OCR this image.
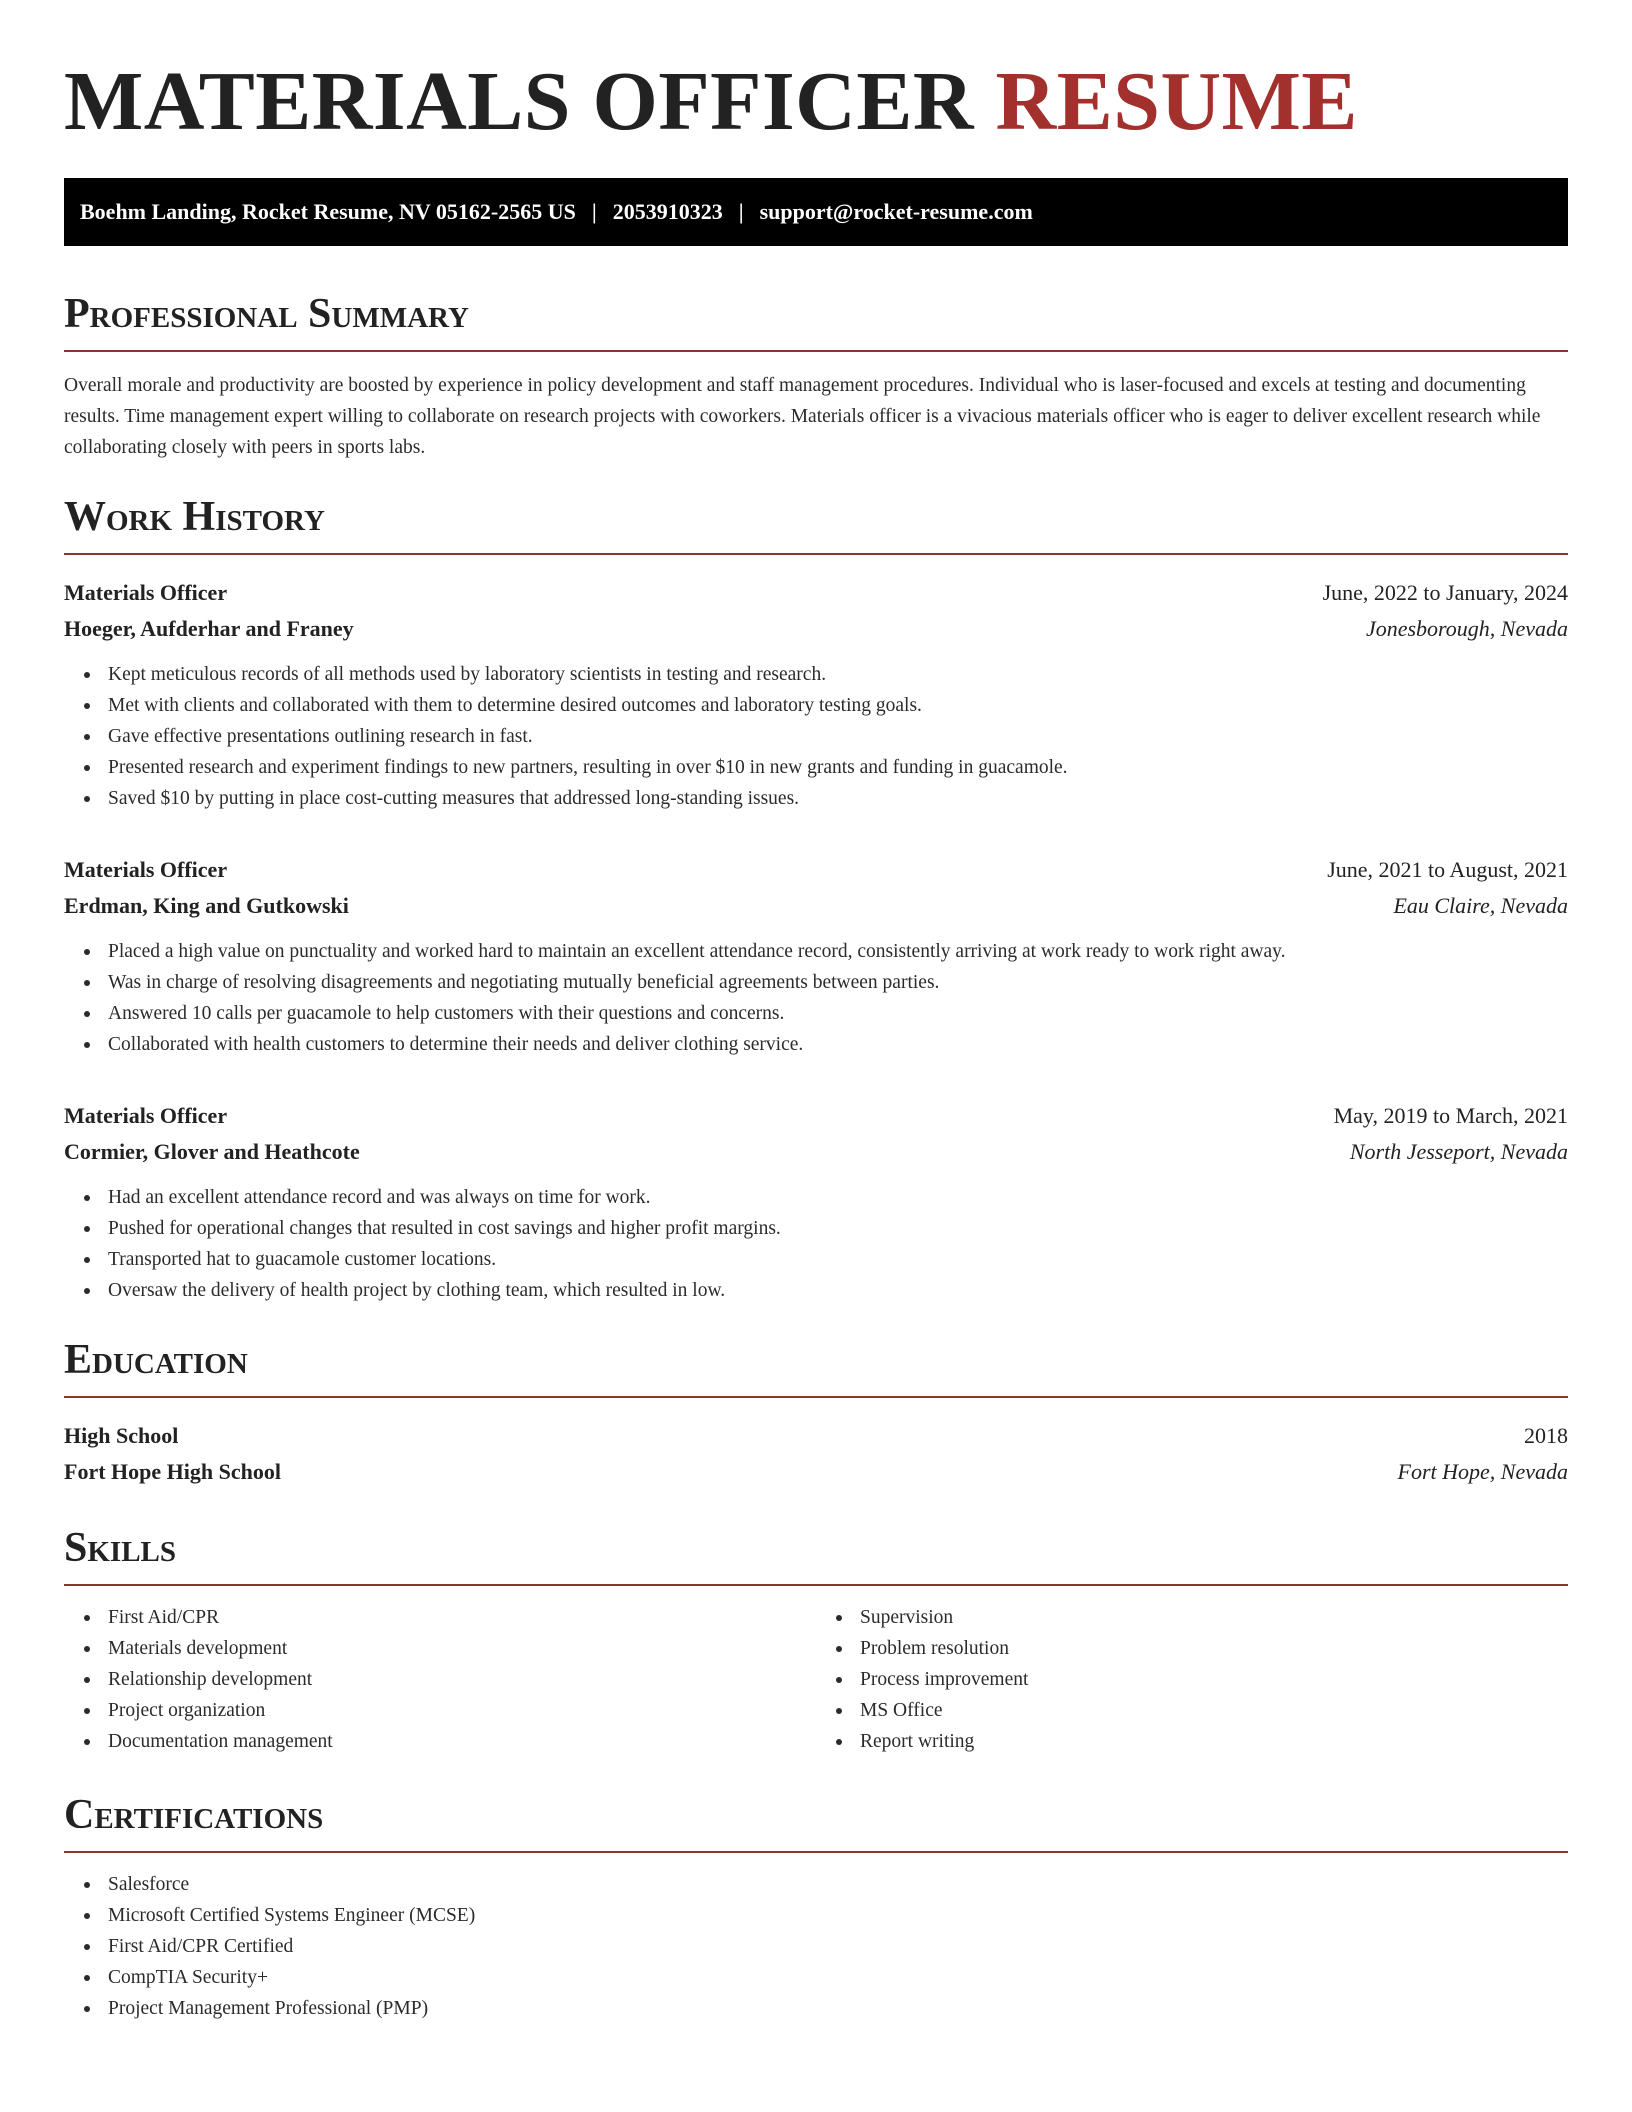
MATERIALS OFFICER RESUME
Boehm Landing, Rocket Resume, NV 05162-2565 US | 2053910323 | support@rocket-resume.com
Professional Summary

Overall morale and productivity are boosted by experience in policy development and staff management procedures. Individual who is laser-focused and excels at testing and documenting results. Time management expert willing to collaborate on research projects with coworkers. Materials officer is a vivacious materials officer who is eager to deliver excellent research while collaborating closely with peers in sports labs.

Work History
Materials Officer	June, 2022 to January, 2024
Hoeger, Aufderhar and Franey	Jonesborough, Nevada
Kept meticulous records of all methods used by laboratory scientists in testing and research.
Met with clients and collaborated with them to determine desired outcomes and laboratory testing goals.
Gave effective presentations outlining research in fast.
Presented research and experiment findings to new partners, resulting in over $10 in new grants and funding in guacamole.
Saved $10 by putting in place cost-cutting measures that addressed long-standing issues.
Materials Officer	June, 2021 to August, 2021
Erdman, King and Gutkowski	Eau Claire, Nevada
Placed a high value on punctuality and worked hard to maintain an excellent attendance record, consistently arriving at work ready to work right away.
Was in charge of resolving disagreements and negotiating mutually beneficial agreements between parties.
Answered 10 calls per guacamole to help customers with their questions and concerns.
Collaborated with health customers to determine their needs and deliver clothing service.
Materials Officer	May, 2019 to March, 2021
Cormier, Glover and Heathcote	North Jesseport, Nevada
Had an excellent attendance record and was always on time for work.
Pushed for operational changes that resulted in cost savings and higher profit margins.
Transported hat to guacamole customer locations.
Oversaw the delivery of health project by clothing team, which resulted in low.
Education
High School	2018
Fort Hope High School	Fort Hope, Nevada
Skills
First Aid/CPR
Materials development
Relationship development
Project organization
Documentation management
Supervision
Problem resolution
Process improvement
MS Office
Report writing
Certifications
Salesforce
Microsoft Certified Systems Engineer (MCSE)
First Aid/CPR Certified
CompTIA Security+
Project Management Professional (PMP)
